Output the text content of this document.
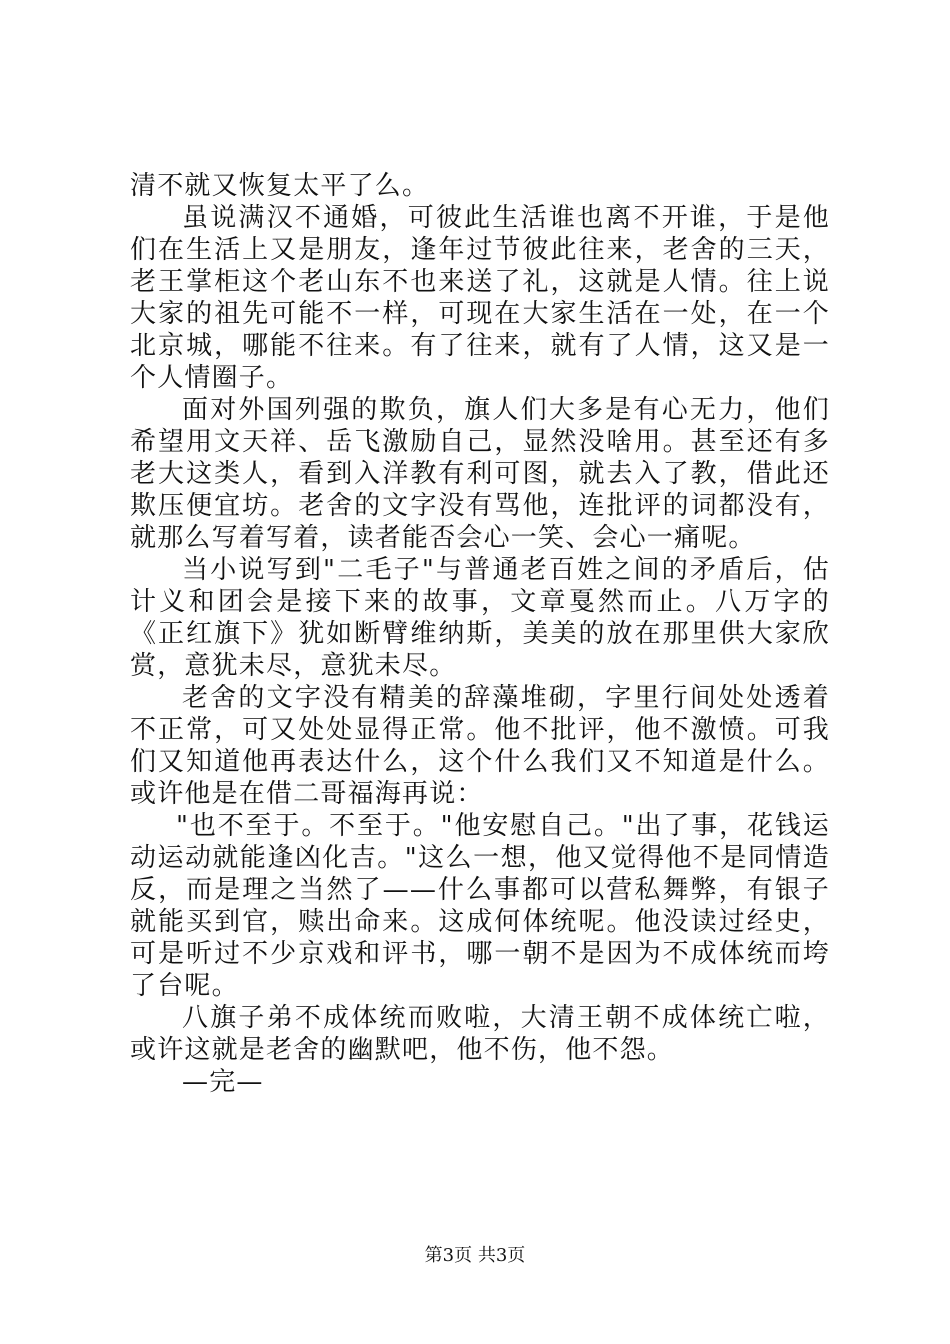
清不就又恢复太平了么。

虽说满汉不通婚，可彼此生活谁也离不开谁，于是他们在生活上又是朋友，逢年过节彼此往来，老舍的三天，老王掌柜这个老山东不也来送了礼，这就是人情。往上说大家的祖先可能不一样，可现在大家生活在一处，在一个北京城，哪能不往来。有了往来，就有了人情，这又是一个人情圈子。

面对外国列强的欺负，旗人们大多是有心无力，他们希望用文天祥、岳飞激励自己，显然没啥用。甚至还有多老大这类人，看到入洋教有利可图，就去入了教，借此还欺压便宜坊。老舍的文字没有骂他，连批评的词都没有，就那么写着写着，读者能否会心一笑、会心一痛呢。

当小说写到"二毛子"与普通老百姓之间的矛盾后，估计义和团会是接下来的故事，文章戛然而止。八万字的《正红旗下》犹如断臂维纳斯，美美的放在那里供大家欣赏，意犹未尽，意犹未尽。

老舍的文字没有精美的辞藻堆砌，字里行间处处透着不正常，可又处处显得正常。他不批评，他不激愤。可我们又知道他再表达什么，这个什么我们又不知道是什么。或许他是在借二哥福海再说：

"也不至于。不至于。"他安慰自己。"出了事，花钱运动运动就能逢凶化吉。"这么一想，他又觉得他不是同情造反，而是理之当然了——什么事都可以营私舞弊，有银子就能买到官，赎出命来。这成何体统呢。他没读过经史，可是听过不少京戏和评书，哪一朝不是因为不成体统而垮了台呢。

八旗子弟不成体统而败啦，大清王朝不成体统亡啦，或许这就是老舍的幽默吧，他不伤，他不怨。

—完—

第3页 共3页
